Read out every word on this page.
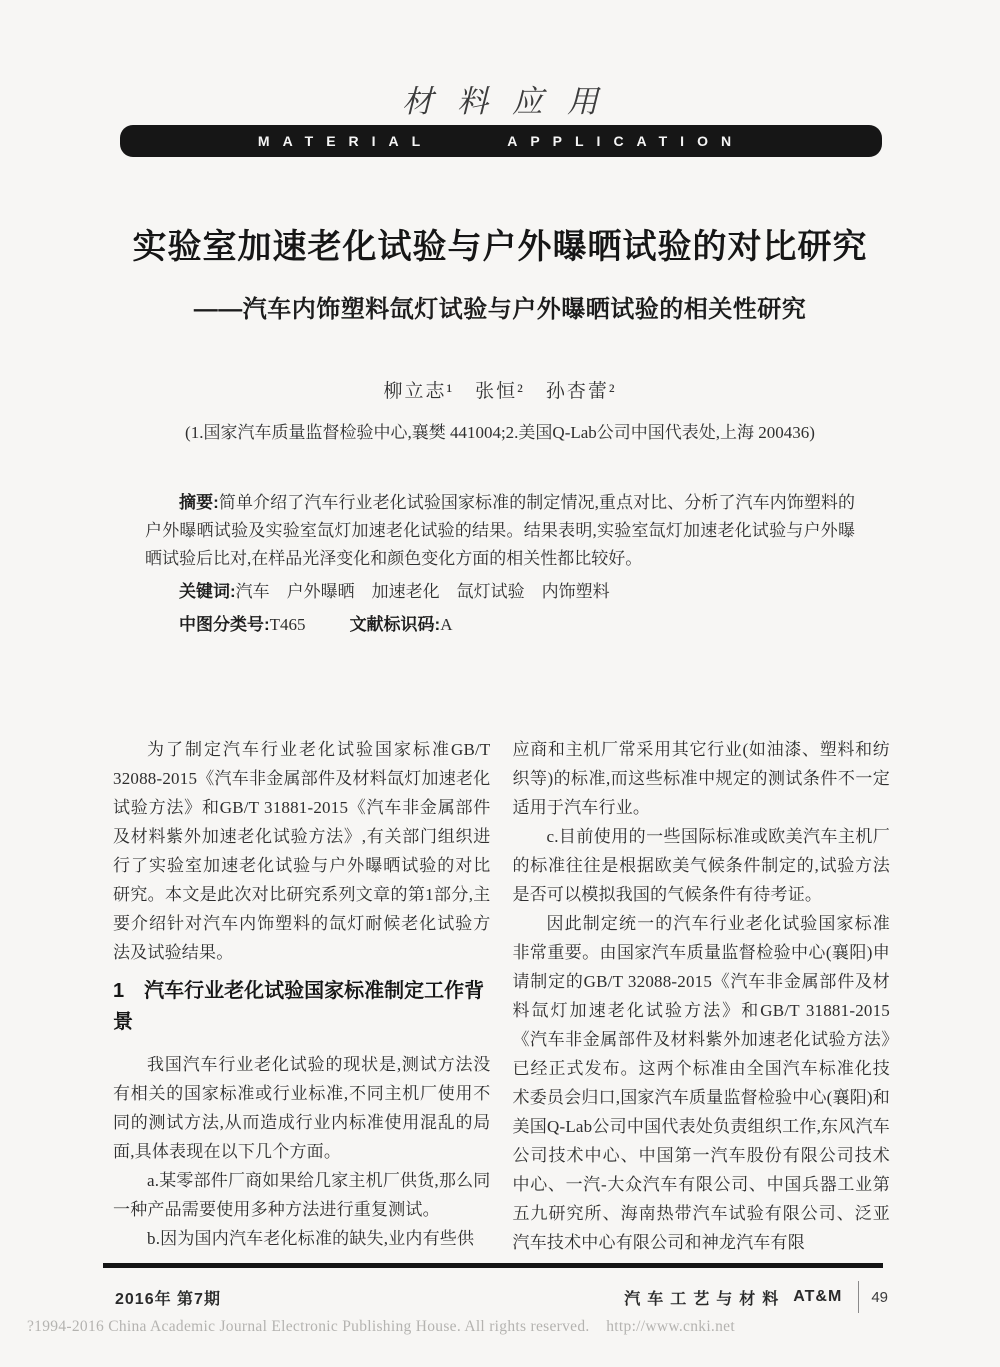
材料应用
MATERIAL	APPLICATION
实验室加速老化试验与户外曝晒试验的对比研究
——汽车内饰塑料氙灯试验与户外曝晒试验的相关性研究
柳立志¹　张恒²　孙杏蕾²
(1.国家汽车质量监督检验中心,襄樊 441004;2.美国Q-Lab公司中国代表处,上海 200436)

摘要:简单介绍了汽车行业老化试验国家标准的制定情况,重点对比、分析了汽车内饰塑料的户外曝晒试验及实验室氙灯加速老化试验的结果。结果表明,实验室氙灯加速老化试验与户外曝晒试验后比对,在样品光泽变化和颜色变化方面的相关性都比较好。

关键词:汽车　户外曝晒　加速老化　氙灯试验　内饰塑料

中图分类号:T465	文献标识码:A

为了制定汽车行业老化试验国家标准GB/T 32088-2015《汽车非金属部件及材料氙灯加速老化试验方法》和GB/T 31881-2015《汽车非金属部件及材料紫外加速老化试验方法》,有关部门组织进行了实验室加速老化试验与户外曝晒试验的对比研究。本文是此次对比研究系列文章的第1部分,主要介绍针对汽车内饰塑料的氙灯耐候老化试验方法及试验结果。

1　汽车行业老化试验国家标准制定工作背景

我国汽车行业老化试验的现状是,测试方法没有相关的国家标准或行业标准,不同主机厂使用不同的测试方法,从而造成行业内标准使用混乱的局面,具体表现在以下几个方面。

a.某零部件厂商如果给几家主机厂供货,那么同一种产品需要使用多种方法进行重复测试。

b.因为国内汽车老化标准的缺失,业内有些供

应商和主机厂常采用其它行业(如油漆、塑料和纺织等)的标准,而这些标准中规定的测试条件不一定适用于汽车行业。

c.目前使用的一些国际标准或欧美汽车主机厂的标准往往是根据欧美气候条件制定的,试验方法是否可以模拟我国的气候条件有待考证。

因此制定统一的汽车行业老化试验国家标准非常重要。由国家汽车质量监督检验中心(襄阳)申请制定的GB/T 32088-2015《汽车非金属部件及材料氙灯加速老化试验方法》和GB/T 31881-2015《汽车非金属部件及材料紫外加速老化试验方法》已经正式发布。这两个标准由全国汽车标准化技术委员会归口,国家汽车质量监督检验中心(襄阳)和美国Q-Lab公司中国代表处负责组织工作,东风汽车公司技术中心、中国第一汽车股份有限公司技术中心、一汽-大众汽车有限公司、中国兵器工业第五九研究所、海南热带汽车试验有限公司、泛亚汽车技术中心有限公司和神龙汽车有限

2016年 第7期	汽车工艺与材料 AT&M 49
?1994-2016 China Academic Journal Electronic Publishing House. All rights reserved.    http://www.cnki.net
